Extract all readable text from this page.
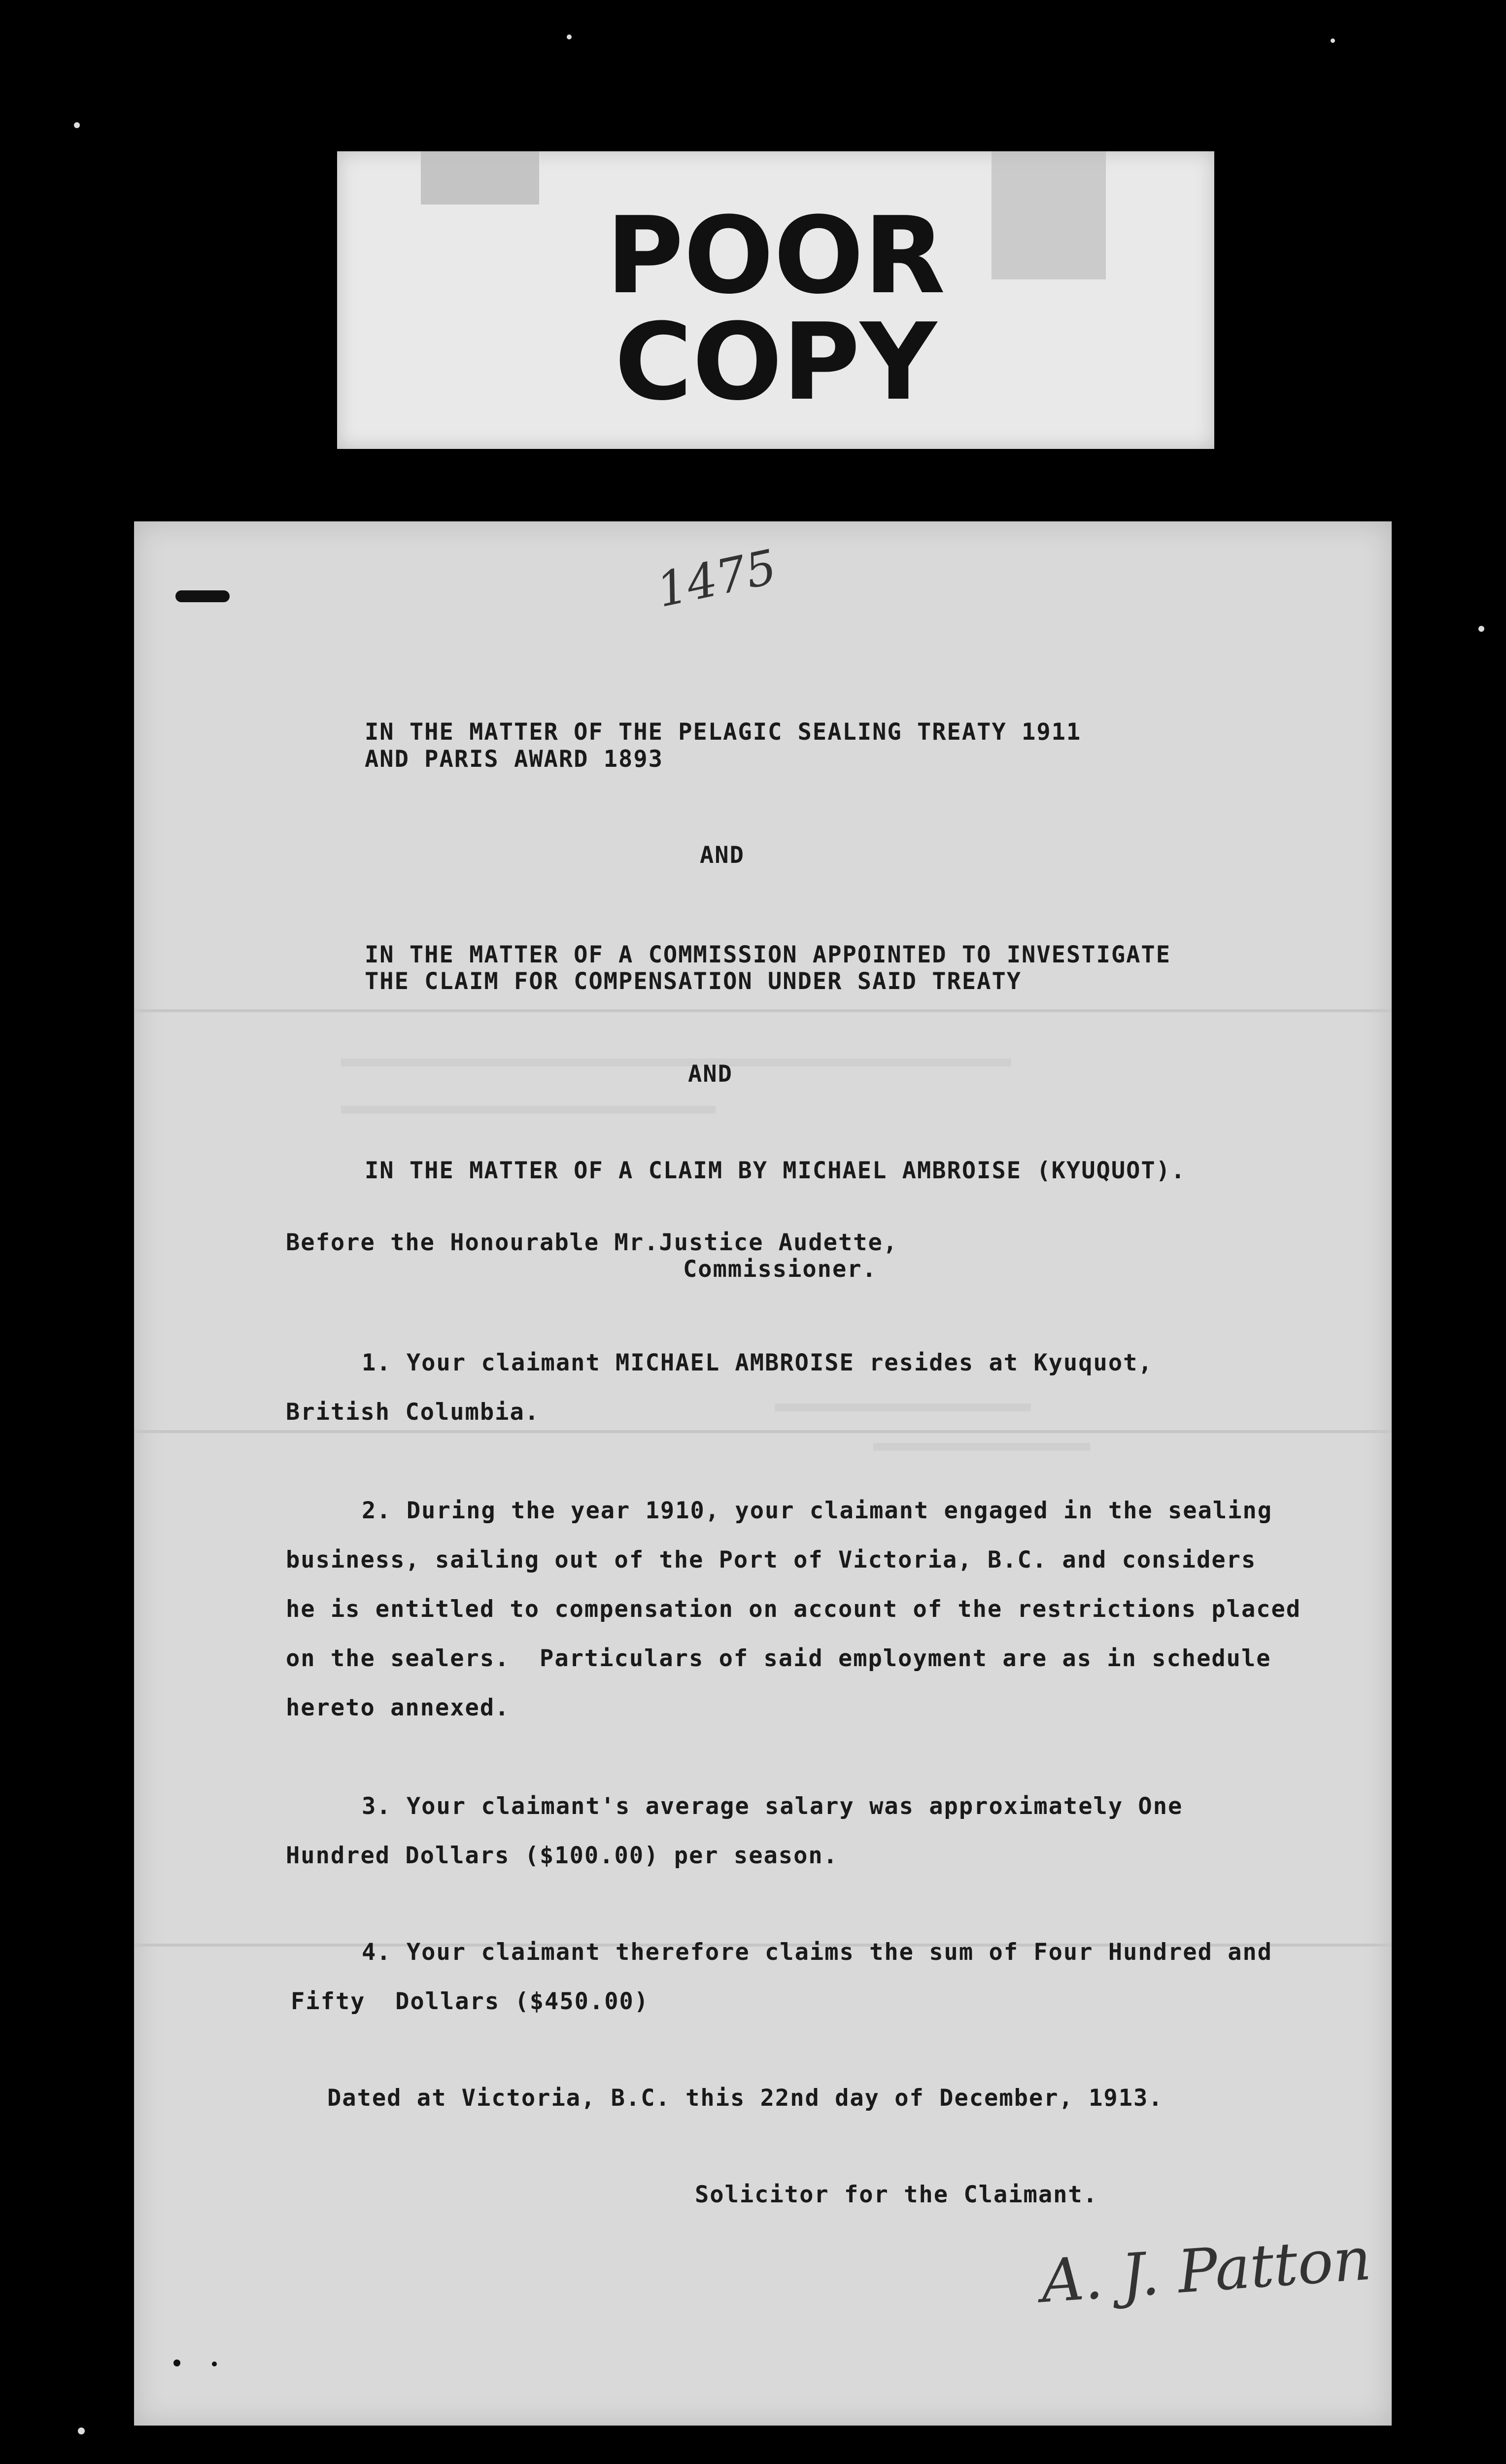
POOR
COPY
1475
IN THE MATTER OF THE PELAGIC SEALING TREATY 1911
AND PARIS AWARD 1893
AND
IN THE MATTER OF A COMMISSION APPOINTED TO INVESTIGATE
THE CLAIM FOR COMPENSATION UNDER SAID TREATY
AND
IN THE MATTER OF A CLAIM BY MICHAEL AMBROISE (KYUQUOT).
Before the Honourable Mr.Justice Audette,
Commissioner.
1. Your claimant MICHAEL AMBROISE resides at Kyuquot,
British Columbia.
2. During the year 1910, your claimant engaged in the sealing
business, sailing out of the Port of Victoria, B.C. and considers
he is entitled to compensation on account of the restrictions placed
on the sealers.  Particulars of said employment are as in schedule
hereto annexed.
3. Your claimant's average salary was approximately One
Hundred Dollars ($100.00) per season.
4. Your claimant therefore claims the sum of Four Hundred and
Fifty  Dollars ($450.00)
Dated at Victoria, B.C. this 22nd day of December, 1913.
Solicitor for the Claimant.
A. J. Patton
